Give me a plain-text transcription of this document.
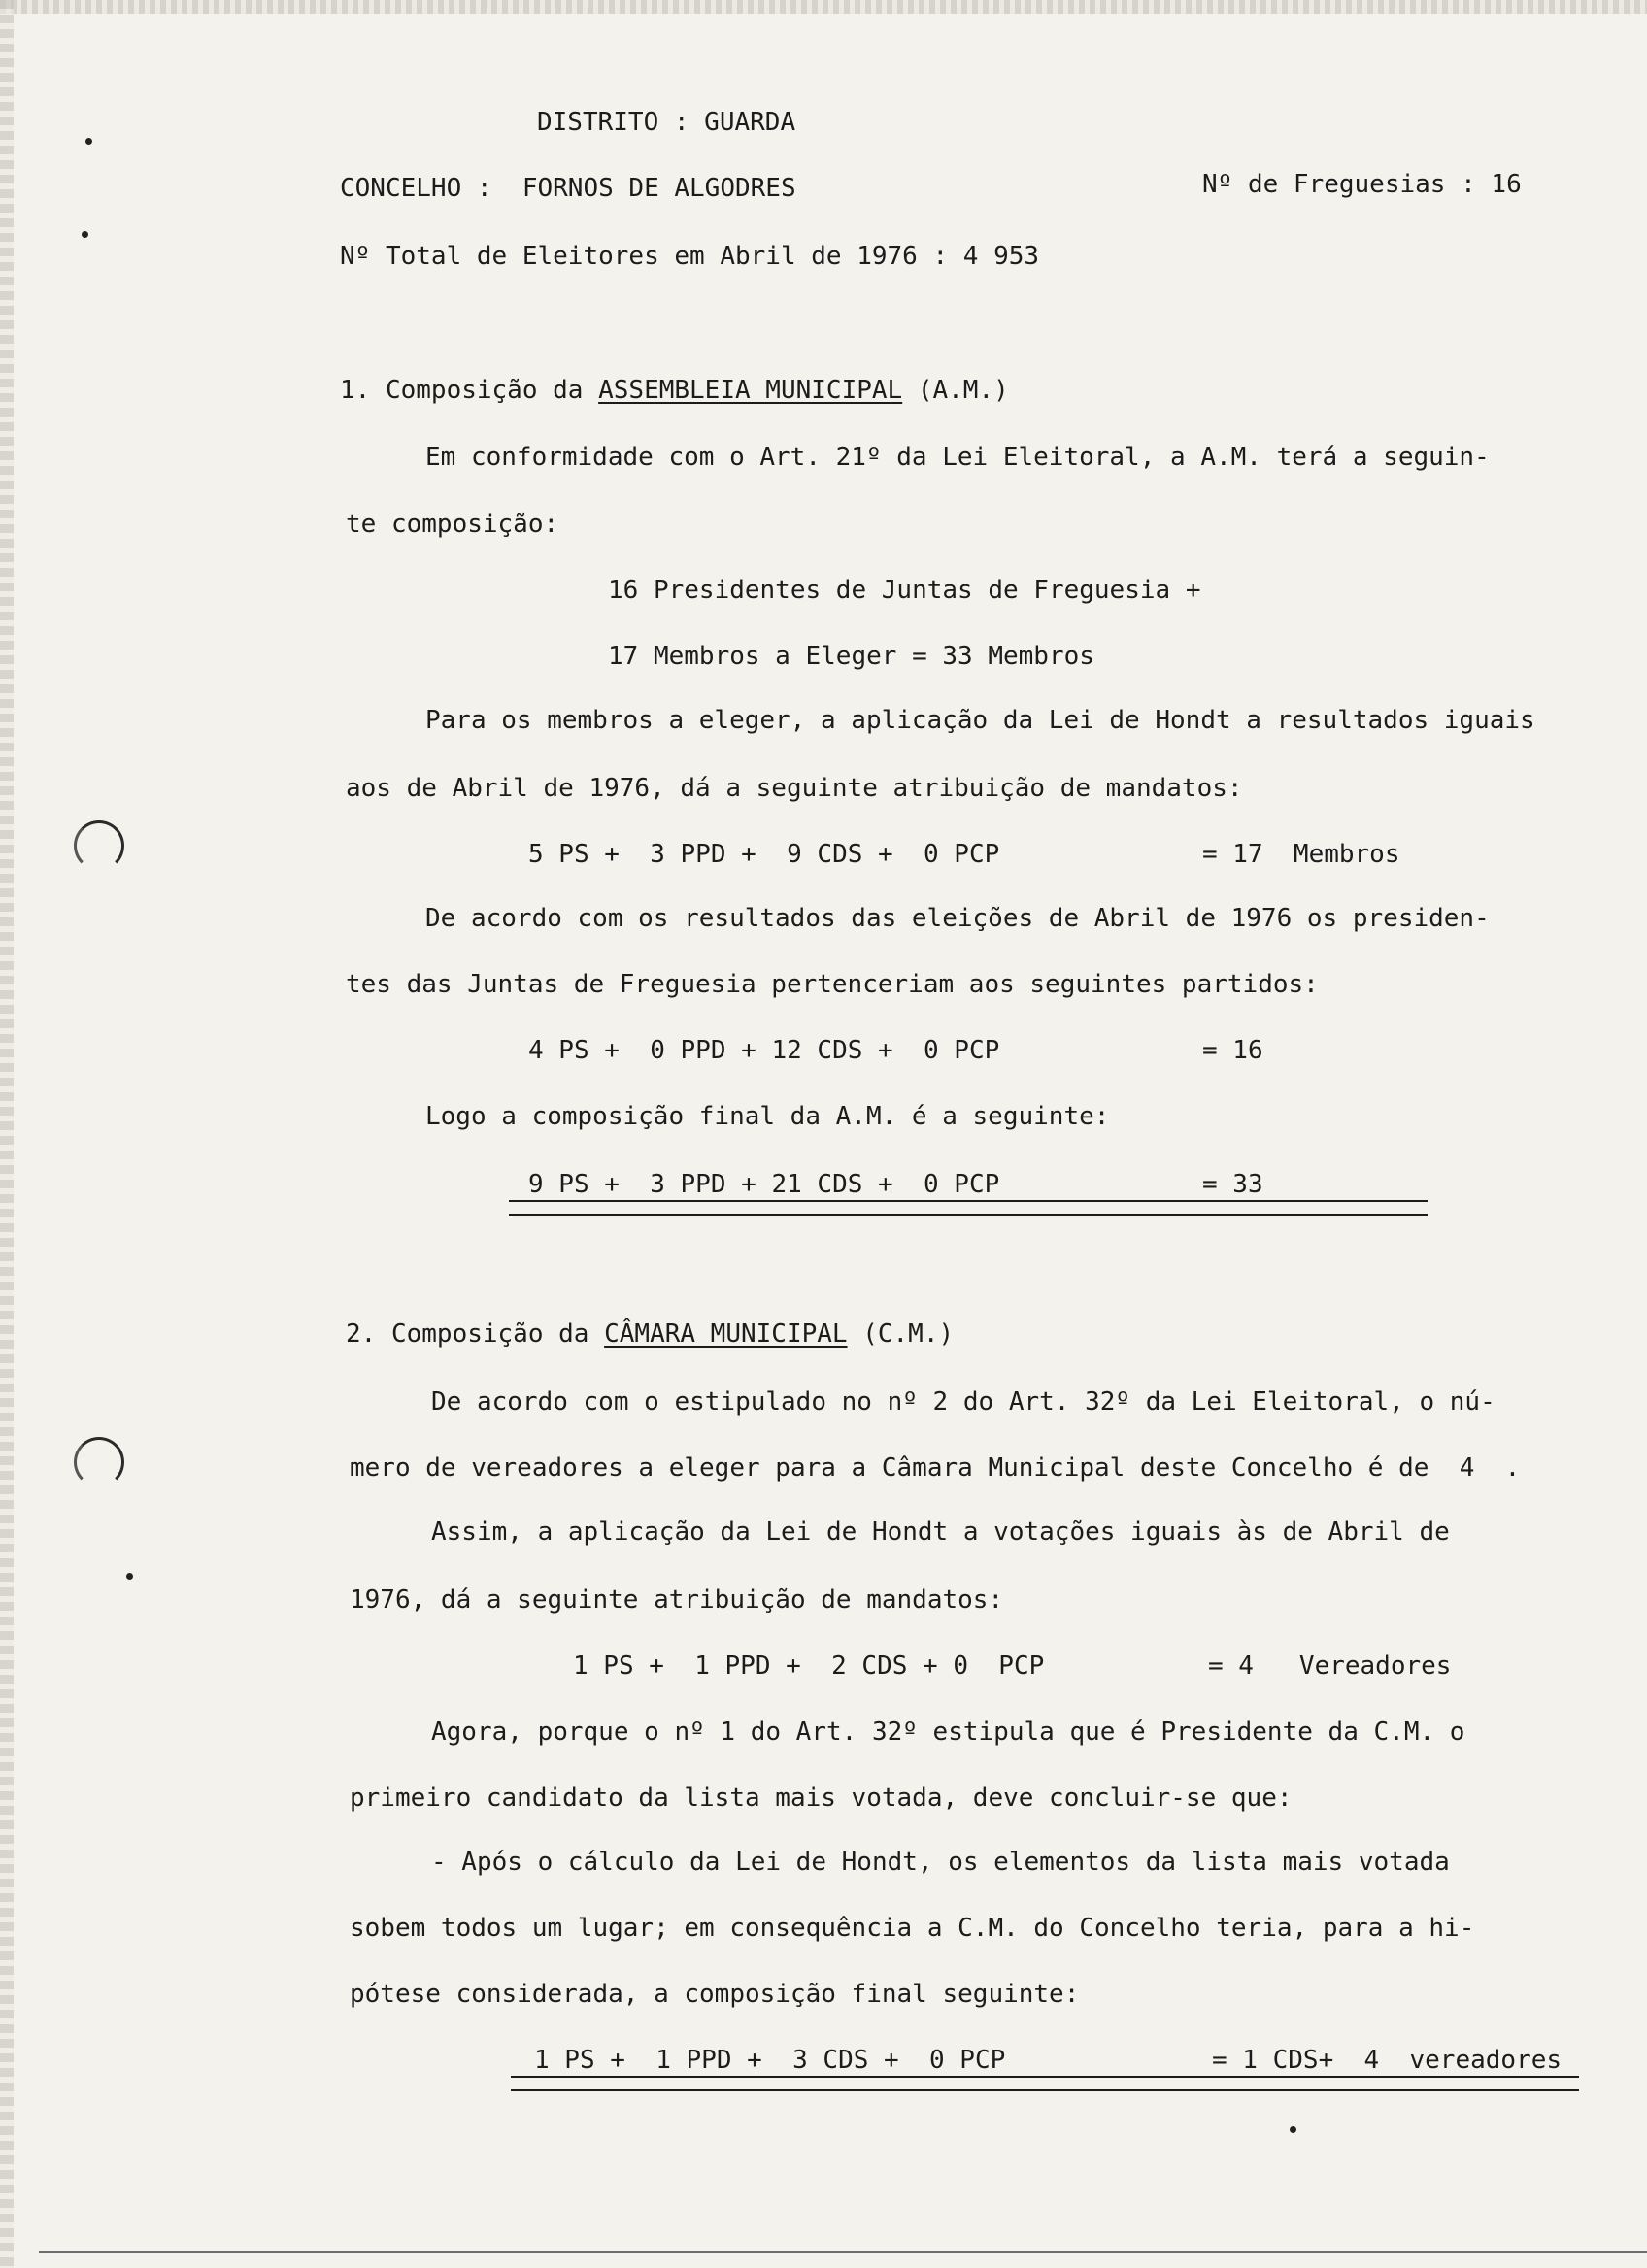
DISTRITO : GUARDA
CONCELHO :  FORNOS DE ALGODRES	Nº de Freguesias : 16
Nº Total de Eleitores em Abril de 1976 : 4 953
1. Composição da ASSEMBLEIA MUNICIPAL (A.M.)
Em conformidade com o Art. 21º da Lei Eleitoral, a A.M. terá a seguin-
te composição:
16 Presidentes de Juntas de Freguesia +
17 Membros a Eleger = 33 Membros
Para os membros a eleger, a aplicação da Lei de Hondt a resultados iguais
aos de Abril de 1976, dá a seguinte atribuição de mandatos:
5 PS +  3 PPD +  9 CDS +  0 PCP	= 17  Membros
De acordo com os resultados das eleições de Abril de 1976 os presiden-
tes das Juntas de Freguesia pertenceriam aos seguintes partidos:
4 PS +  0 PPD + 12 CDS +  0 PCP	= 16
Logo a composição final da A.M. é a seguinte:
9 PS +  3 PPD + 21 CDS +  0 PCP	= 33
2. Composição da CÂMARA MUNICIPAL (C.M.)
De acordo com o estipulado no nº 2 do Art. 32º da Lei Eleitoral, o nú-
mero de vereadores a eleger para a Câmara Municipal deste Concelho é de  4  .
Assim, a aplicação da Lei de Hondt a votações iguais às de Abril de
1976, dá a seguinte atribuição de mandatos:
1 PS +  1 PPD +  2 CDS + 0  PCP	= 4   Vereadores
Agora, porque o nº 1 do Art. 32º estipula que é Presidente da C.M. o
primeiro candidato da lista mais votada, deve concluir-se que:
- Após o cálculo da Lei de Hondt, os elementos da lista mais votada
sobem todos um lugar; em consequência a C.M. do Concelho teria, para a hi-
pótese considerada, a composição final seguinte:
1 PS +  1 PPD +  3 CDS +  0 PCP	= 1 CDS+  4  vereadores
